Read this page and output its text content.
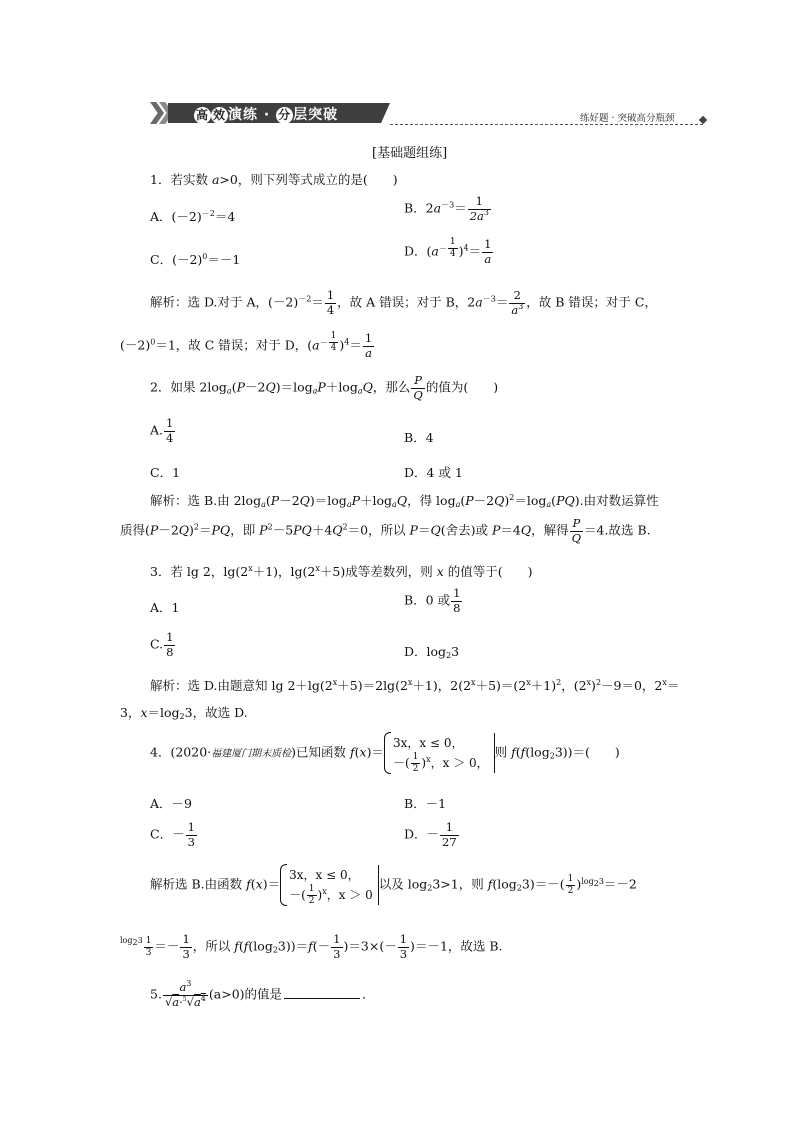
高 效 演练 · 分 层突破	练好题 · 突破高分瓶颈
[基础题组练]
1．若实数 a>0，则下列等式成立的是(　　)
A．$(-2)^{-2}=4$
B．$2a^{-3}= \frac{1}{2a^3}$
C．$(-2)^0=-1$
D．($a^{- \frac{1}{4}}$ )$^4= \frac{1}{a}$
解析：选 D.对于 A，$(-2)^{-2}= \frac{1}{4}$ ，故 A 错误；对于 B，$2a^{-3}= \frac{2}{a^3}$ ，故 B 错误；对于 C，
$(-2)^0=1$，故 C 错误；对于 D，($a^{- \frac{1}{4}}$ )$^4= \frac{1}{a}$
2．如果 $2\log_a(P-2Q)=\log_aP+\log_aQ$，那么 $\frac{P}{Q}$ 的值为(　　)
A. $\frac{1}{4}$	B．4
C．1	D．4 或 1
解析：选 B.由 $2\log_a(P-2Q)=\log_aP+\log_aQ$，得 $\log_a(P-2Q)^2=\log_a(PQ)$.由对数运算性
质得$(P-2Q)^2=PQ$，即 $P^2-5PQ+4Q^2=0$，所以 P＝Q(舍去)或 P＝4Q，解得 $\frac{P}{Q} =4$.故选 B.
3．若 lg 2，$\lg(2^x+1)$，$\lg(2^x+5)$成等差数列，则 x 的值等于(　　)
A．1	B．0 或 $\frac{1}{8}$
C. $\frac{1}{8}$	D．$\log_23$
解析：选 D.由题意知 $\lg 2+\lg(2^x+5)=2\lg(2^x+1)$，$2(2^x+5)=(2^x+1)^2$，$(2^x)^2-9=0$，$2^x=$
3，$x=\log_23$，故选 D.
4．(2020·福建厦门期末质检)已知函数 f(x)＝3x，x ≤ 0，
－( $\frac{1}{2} )^x$，x ＞ 0，则 $f(f(\log_23))=$(　　)
A．－9	B．－1
C．－ $\frac{1}{3}$	D．－ $\frac{1}{27}$
解析选 B.由函数 f(x)＝3x，x ≤ 0，
－( $\frac{1}{2} )^x$，x ＞ 0以及 $\log_23>1$，则 $f(\log_23)=-( \frac{1}{2} )^{log_23}=-2$
$^{log_23} \frac{1}{3} =- \frac{1}{3}$ ，所以 $f(f(\log_23))=f(- \frac{1}{3} )=3\times(- \frac{1}{3} )=-1$，故选 B.
5. $\frac{a^3}{√a\cdot^5√a^4} (a>0)$的值是	．
